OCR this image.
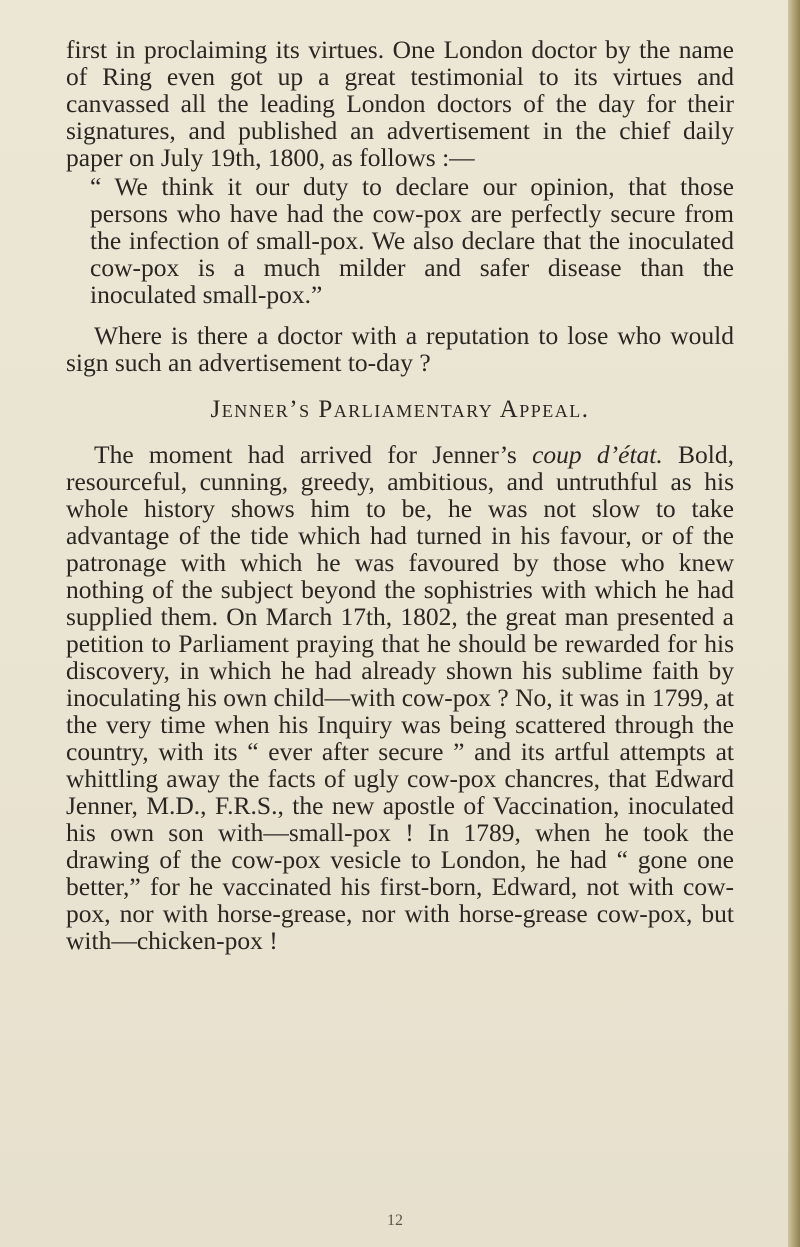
first in proclaiming its virtues. One London doctor by the name of Ring even got up a great testimonial to its virtues and canvassed all the leading London doctors of the day for their signatures, and published an advertisement in the chief daily paper on July 19th, 1800, as follows :—

“ We think it our duty to declare our opinion, that those persons who have had the cow-pox are perfectly secure from the infection of small-pox. We also declare that the inoculated cow-pox is a much milder and safer disease than the inoculated small-pox.”

Where is there a doctor with a reputation to lose who would sign such an advertisement to-day ?

Jenner’s Parliamentary Appeal.

The moment had arrived for Jenner’s coup d’état. Bold, resourceful, cunning, greedy, ambitious, and untruthful as his whole history shows him to be, he was not slow to take advantage of the tide which had turned in his favour, or of the patronage with which he was favoured by those who knew nothing of the subject beyond the sophistries with which he had supplied them. On March 17th, 1802, the great man presented a petition to Parliament praying that he should be rewarded for his discovery, in which he had already shown his sublime faith by inoculating his own child—with cow-pox ? No, it was in 1799, at the very time when his Inquiry was being scattered through the country, with its “ ever after secure ” and its artful attempts at whittling away the facts of ugly cow-pox chancres, that Edward Jenner, M.D., F.R.S., the new apostle of Vaccination, inoculated his own son with—small-pox ! In 1789, when he took the drawing of the cow-pox vesicle to London, he had “ gone one better,” for he vaccinated his first-born, Edward, not with cow-pox, nor with horse-grease, nor with horse-grease cow-pox, but with—chicken-pox !

12
